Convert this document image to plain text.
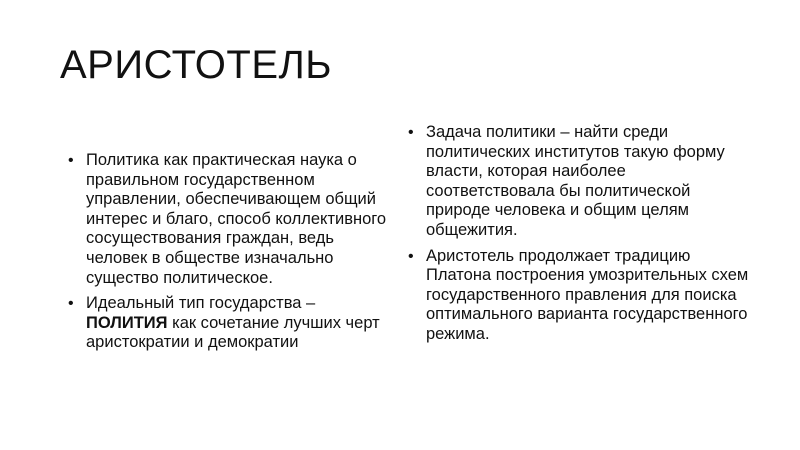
АРИСТОТЕЛЬ
• Политика как практическая наука о правильном государственном управлении, обеспечивающем общий интерес и благо, способ коллективного сосуществования граждан, ведь человек в обществе изначально существо политическое.
• Идеальный тип государства – ПОЛИТИЯ как сочетание лучших черт аристократии и демократии
• Задача политики – найти среди политических институтов такую форму власти, которая наиболее соответствовала бы политической природе человека и общим целям общежития.
• Аристотель продолжает традицию Платона построения умозрительных схем государственного правления для поиска оптимального варианта государственного режима.
